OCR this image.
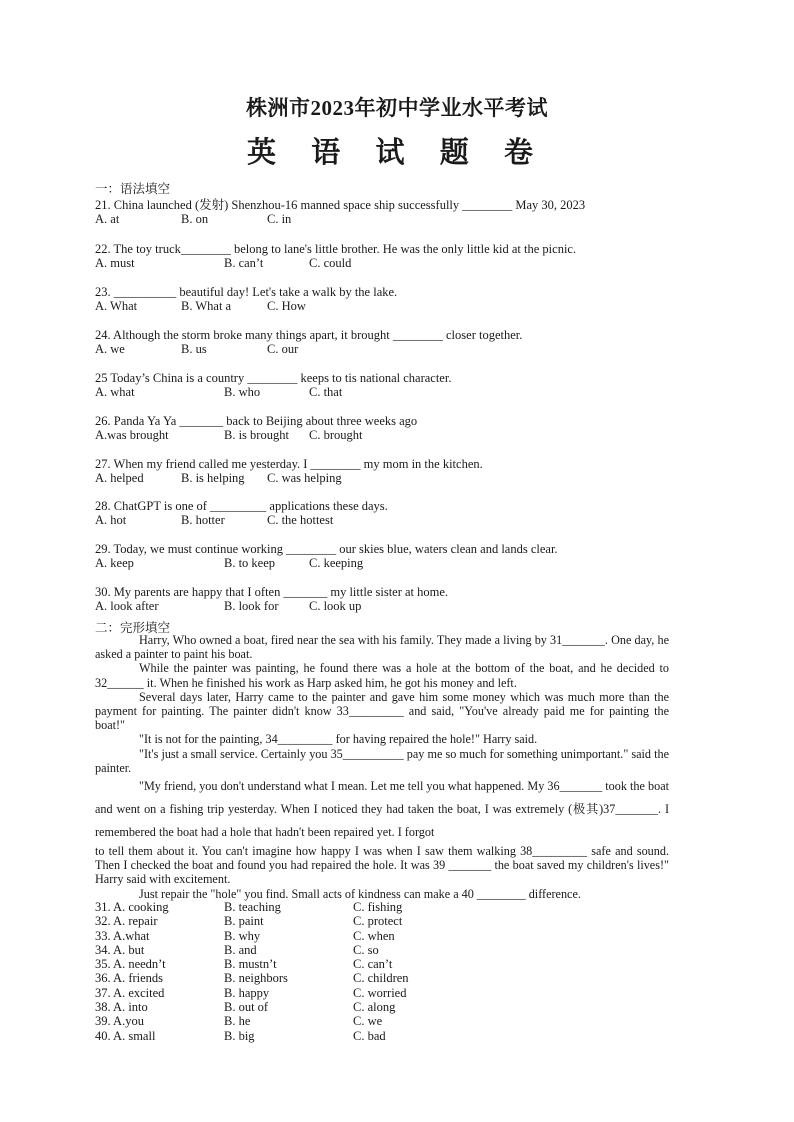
株洲市2023年初中学业水平考试
英 语 试 题 卷
一：语法填空
21. China launched (发射) Shenzhou-16 manned space ship successfully ________ May 30, 2023
A. at	B. on	C. in
22. The toy truck________ belong to lane's little brother. He was the only little kid at the picnic.
A. must	B. can’t	C. could
23. __________ beautiful day! Let's take a walk by the lake.
A. What	B. What a	C. How
24. Although the storm broke many things apart, it brought ________ closer together.
A. we	B. us	C. our
25 Today’s China is a country ________ keeps to tis national character.
A. what	B. who	C. that
26. Panda Ya Ya _______ back to Beijing about three weeks ago
A.was brought	B. is brought C. brought
27. When my friend called me yesterday. I ________ my mom in the kitchen.
A. helped	B. is helping C. was helping
28. ChatGPT is one of _________ applications these days.
A. hot	B. hotter	C. the hottest
29. Today, we must continue working ________ our skies blue, waters clean and lands clear.
A. keep	B. to keep	C. keeping
30. My parents are happy that I often _______ my little sister at home.
A. look after	B. look for C. look up
二：完形填空

Harry, Who owned a boat, fired near the sea with his family. They made a living by 31_______. One day, he asked a painter to paint his boat.

While the painter was painting, he found there was a hole at the bottom of the boat, and he decided to 32______ it. When he finished his work as Harp asked him, he got his money and left.

Several days later, Harry came to the painter and gave him some money which was much more than the payment for painting. The painter didn't know 33_________ and said, "You've already paid me for painting the boat!"

"It is not for the painting, 34_________ for having repaired the hole!" Harry said.

"It's just a small service. Certainly you 35__________ pay me so much for something unimportant." said the painter.

"My friend, you don't understand what I mean. Let me tell you what happened. My 36_______ took the boat and went on a fishing trip yesterday. When I noticed they had taken the boat, I was extremely (极其)37_______. I remembered the boat had a hole that hadn't been repaired yet. I forgot

to tell them about it. You can't imagine how happy I was when I saw them walking 38_________ safe and sound. Then I checked the boat and found you had repaired the hole. It was 39 _______ the boat saved my children's lives!" Harry said with excitement.

Just repair the "hole" you find. Small acts of kindness can make a 40 ________ difference.

31. A. cooking	B. teaching	C. fishing
32. A. repair	B. paint	C. protect
33. A.what	B. why	C. when
34. A. but	B. and	C. so
35. A. needn’t	B. mustn’t	C. can’t
36. A. friends	B. neighbors	C. children
37. A. excited	B. happy	C. worried
38. A. into	B. out of	C. along
39. A.you	B. he	C. we
40. A. small	B. big	C. bad
